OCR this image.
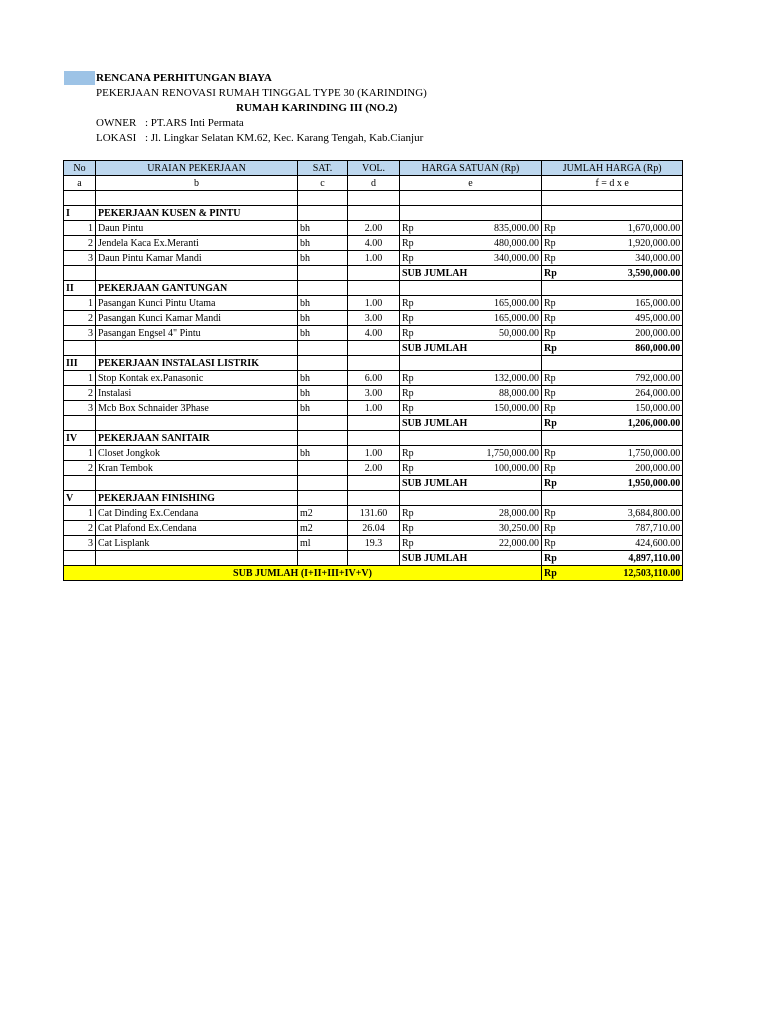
RENCANA PERHITUNGAN BIAYA
PEKERJAAN RENOVASI RUMAH TINGGAL TYPE 30 (KARINDING)
RUMAH KARINDING III (NO.2)
OWNER : PT.ARS Inti Permata
LOKASI : Jl. Lingkar Selatan KM.62, Kec. Karang Tengah, Kab.Cianjur
No	URAIAN PEKERJAAN	SAT.	VOL.	HARGA SATUAN (Rp)		JUMLAH HARGA (Rp)	
a	b	c	d	e		f = d x e	

I	PEKERJAAN KUSEN & PINTU						
1	Daun Pintu	bh	2.00	Rp	835,000.00	Rp	1,670,000.00
2	Jendela Kaca Ex.Meranti	bh	4.00	Rp	480,000.00	Rp	1,920,000.00
3	Daun Pintu Kamar Mandi	bh	1.00	Rp	340,000.00	Rp	340,000.00
				SUB JUMLAH		Rp	3,590,000.00
II	PEKERJAAN GANTUNGAN						
1	Pasangan Kunci Pintu Utama	bh	1.00	Rp	165,000.00	Rp	165,000.00
2	Pasangan Kunci Kamar Mandi	bh	3.00	Rp	165,000.00	Rp	495,000.00
3	Pasangan Engsel 4" Pintu	bh	4.00	Rp	50,000.00	Rp	200,000.00
				SUB JUMLAH		Rp	860,000.00
III	PEKERJAAN INSTALASI LISTRIK						
1	Stop Kontak ex.Panasonic	bh	6.00	Rp	132,000.00	Rp	792,000.00
2	Instalasi	bh	3.00	Rp	88,000.00	Rp	264,000.00
3	Mcb Box Schnaider 3Phase	bh	1.00	Rp	150,000.00	Rp	150,000.00
				SUB JUMLAH		Rp	1,206,000.00
IV	PEKERJAAN SANITAIR						
1	Closet Jongkok	bh	1.00	Rp	1,750,000.00	Rp	1,750,000.00
2	Kran Tembok		2.00	Rp	100,000.00	Rp	200,000.00
				SUB JUMLAH		Rp	1,950,000.00
V	PEKERJAAN FINISHING						
1	Cat Dinding Ex.Cendana	m2	131.60	Rp	28,000.00	Rp	3,684,800.00
2	Cat Plafond Ex.Cendana	m2	26.04	Rp	30,250.00	Rp	787,710.00
3	Cat Lisplank	ml	19.3	Rp	22,000.00	Rp	424,600.00
				SUB JUMLAH		Rp	4,897,110.00
SUB JUMLAH (I+II+III+IV+V)						Rp	12,503,110.00
